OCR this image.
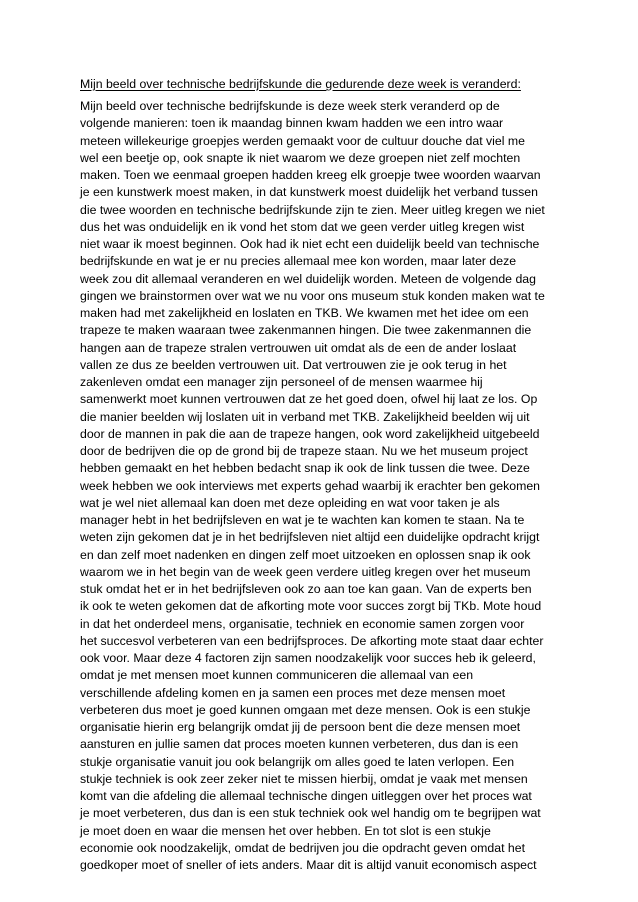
Mijn beeld over technische bedrijfskunde die gedurende deze week is veranderd:
Mijn beeld over technische bedrijfskunde is deze week sterk veranderd op de
volgende manieren: toen ik maandag binnen kwam hadden we een intro waar
meteen willekeurige groepjes werden gemaakt voor de cultuur douche dat viel me
wel een beetje op, ook snapte ik niet waarom we deze groepen niet zelf mochten
maken. Toen we eenmaal groepen hadden kreeg elk groepje twee woorden waarvan
je een kunstwerk moest maken, in dat kunstwerk moest duidelijk het verband tussen
die twee woorden en technische bedrijfskunde zijn te zien. Meer uitleg kregen we niet
dus het was onduidelijk en ik vond het stom dat we geen verder uitleg kregen wist
niet waar ik moest beginnen. Ook had ik niet echt een duidelijk beeld van technische
bedrijfskunde en wat je er nu precies allemaal mee kon worden, maar later deze
week zou dit allemaal veranderen en wel duidelijk worden. Meteen de volgende dag
gingen we brainstormen over wat we nu voor ons museum stuk konden maken wat te
maken had met zakelijkheid en loslaten en TKB. We kwamen met het idee om een
trapeze te maken waaraan twee zakenmannen hingen. Die twee zakenmannen die
hangen aan de trapeze stralen vertrouwen uit omdat als de een de ander loslaat
vallen ze dus ze beelden vertrouwen uit. Dat vertrouwen zie je ook terug in het
zakenleven omdat een manager zijn personeel of de mensen waarmee hij
samenwerkt moet kunnen vertrouwen dat ze het goed doen, ofwel hij laat ze los. Op
die manier beelden wij loslaten uit in verband met TKB. Zakelijkheid beelden wij uit
door de mannen in pak die aan de trapeze hangen, ook word zakelijkheid uitgebeeld
door de bedrijven die op de grond bij de trapeze staan. Nu we het museum project
hebben gemaakt en het hebben bedacht snap ik ook de link tussen die twee. Deze
week hebben we ook interviews met experts gehad waarbij ik erachter ben gekomen
wat je wel niet allemaal kan doen met deze opleiding en wat voor taken je als
manager hebt in het bedrijfsleven en wat je te wachten kan komen te staan. Na te
weten zijn gekomen dat je in het bedrijfsleven niet altijd een duidelijke opdracht krijgt
en dan zelf moet nadenken en dingen zelf moet uitzoeken en oplossen snap ik ook
waarom we in het begin van de week geen verdere uitleg kregen over het museum
stuk omdat het er in het bedrijfsleven ook zo aan toe kan gaan. Van de experts ben
ik ook te weten gekomen dat de afkorting mote voor succes zorgt bij TKb. Mote houd
in dat het onderdeel mens, organisatie, techniek en economie samen zorgen voor
het succesvol verbeteren van een bedrijfsproces. De afkorting mote staat daar echter
ook voor. Maar deze 4 factoren zijn samen noodzakelijk voor succes heb ik geleerd,
omdat je met mensen moet kunnen communiceren die allemaal van een
verschillende afdeling komen en ja samen een proces met deze mensen moet
verbeteren dus moet je goed kunnen omgaan met deze mensen. Ook is een stukje
organisatie hierin erg belangrijk omdat jij de persoon bent die deze mensen moet
aansturen en jullie samen dat proces moeten kunnen verbeteren, dus dan is een
stukje organisatie vanuit jou ook belangrijk om alles goed te laten verlopen. Een
stukje techniek is ook zeer zeker niet te missen hierbij, omdat je vaak met mensen
komt van die afdeling die allemaal technische dingen uitleggen over het proces wat
je moet verbeteren, dus dan is een stuk techniek ook wel handig om te begrijpen wat
je moet doen en waar die mensen het over hebben. En tot slot is een stukje
economie ook noodzakelijk, omdat de bedrijven jou die opdracht geven omdat het
goedkoper moet of sneller of iets anders. Maar dit is altijd vanuit economisch aspect
